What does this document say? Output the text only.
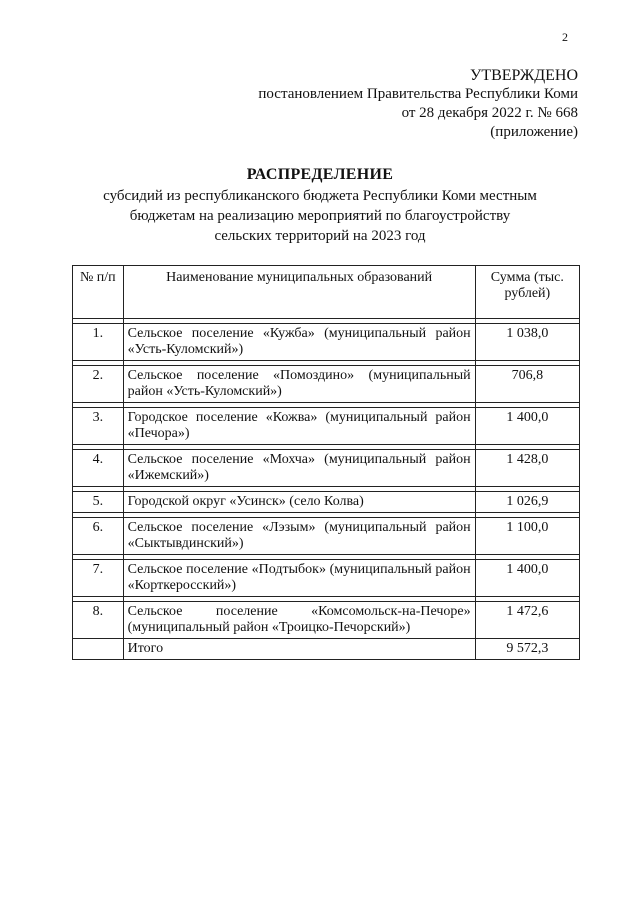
2
УТВЕРЖДЕНО
постановлением Правительства Республики Коми
от 28 декабря 2022 г. № 668
(приложение)
РАСПРЕДЕЛЕНИЕ
субсидий из республиканского бюджета Республики Коми местным бюджетам на реализацию мероприятий по благоустройству сельских территорий на 2023 год
№ п/п	Наименование муниципальных образований	Сумма (тыс. рублей)

1.	Сельское поселение «Кужба» (муниципальный район «Усть-Куломский»)	1 038,0

2.	Сельское поселение «Помоздино» (муниципальный район «Усть-Куломский»)	706,8

3.	Городское поселение «Кожва» (муниципальный район «Печора»)	1 400,0

4.	Сельское поселение «Мохча» (муниципальный район «Ижемский»)	1 428,0

5.	Городской округ «Усинск» (село Колва)	1 026,9

6.	Сельское поселение «Лэзым» (муниципальный район «Сыктывдинский»)	1 100,0

7.	Сельское поселение «Подтыбок» (муниципальный район «Корткеросский»)	1 400,0

8.	Сельское поселение «Комсомольск-на-Печоре» (муниципальный район «Троицко-Печорский»)	1 472,6
	Итого	9 572,3
